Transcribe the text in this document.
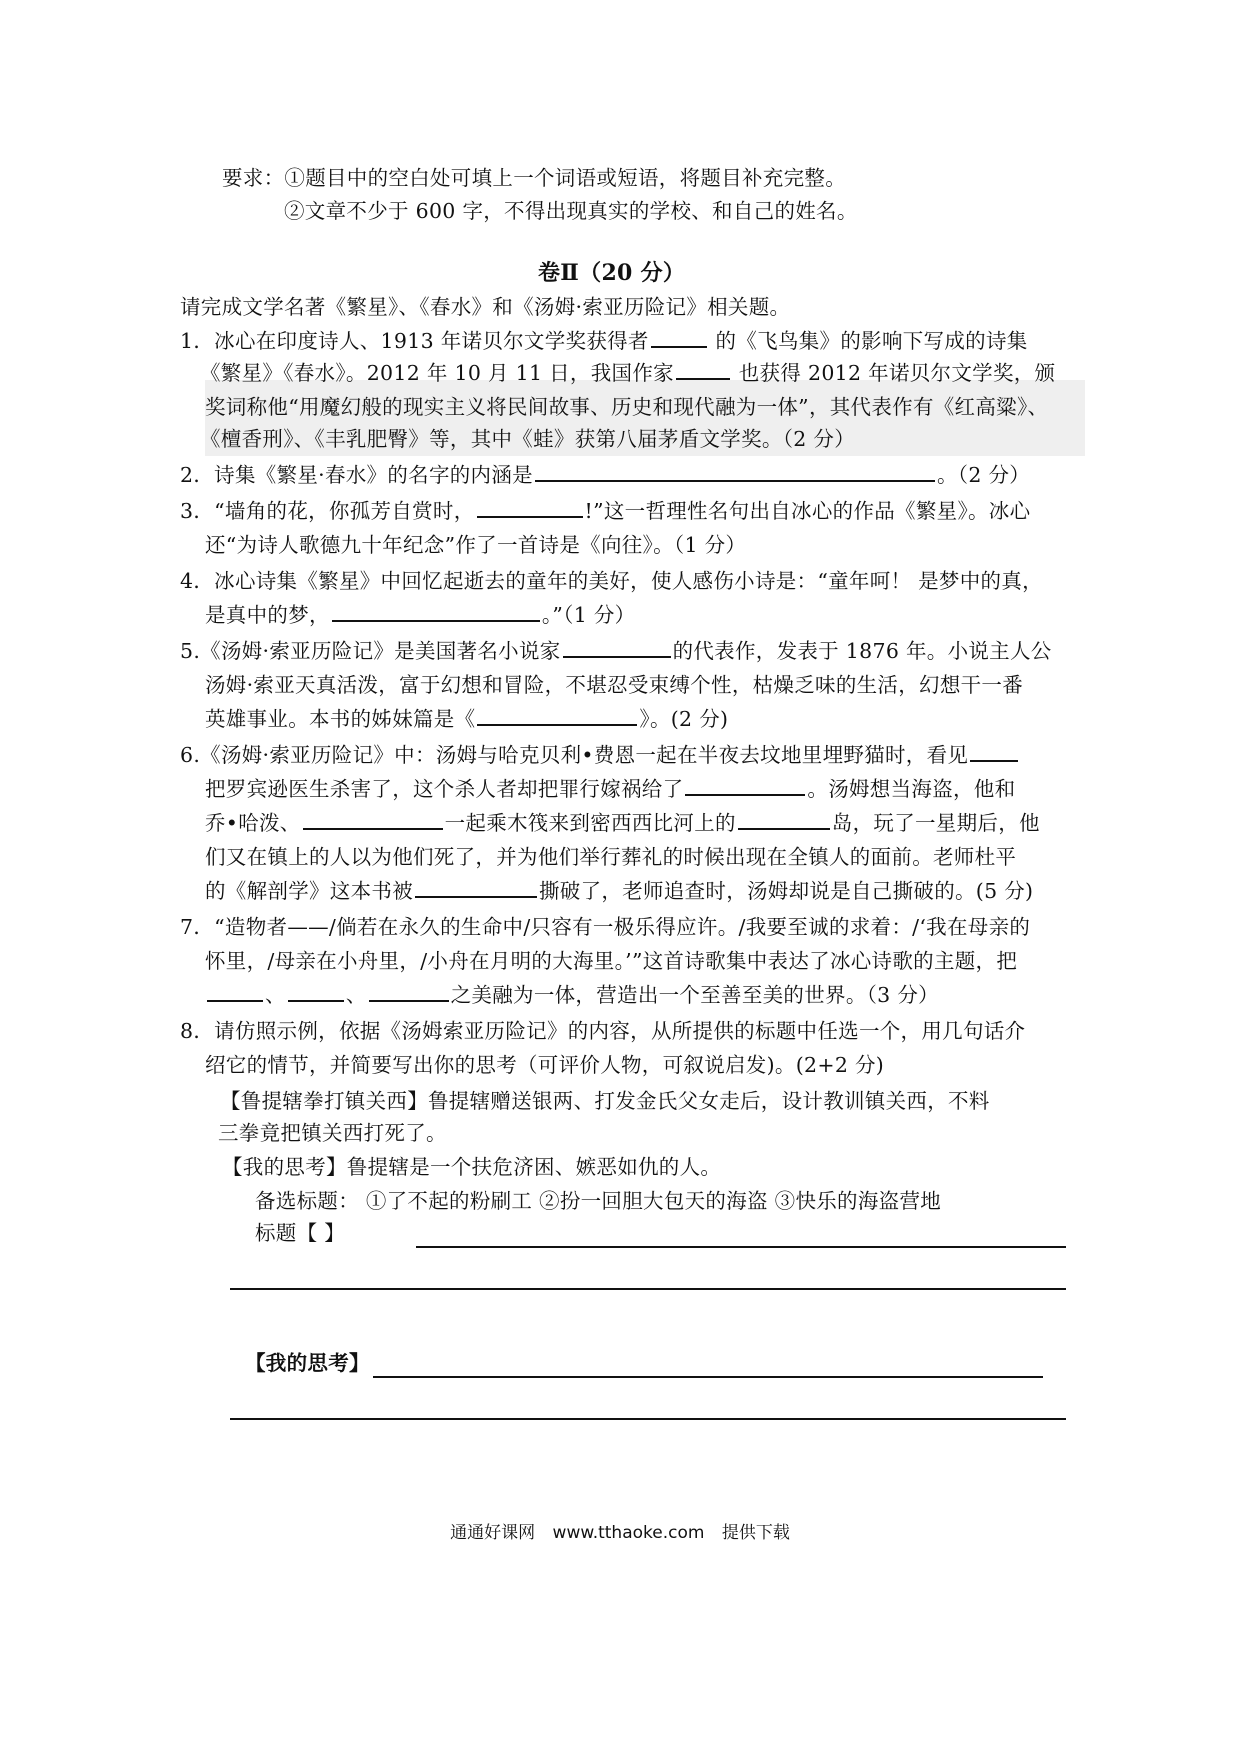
要求：①题目中的空白处可填上一个词语或短语，将题目补充完整。
②文章不少于 600 字，不得出现真实的学校、和自己的姓名。
卷Ⅱ（20 分）
请完成文学名著《繁星》、《春水》和《汤姆·索亚历险记》相关题。
1．冰心在印度诗人、1913 年诺贝尔文学奖获得者	的《飞鸟集》的影响下写成的诗集
《繁星》《春水》。2012 年 10 月 11 日，我国作家	也获得 2012 年诺贝尔文学奖，颁
奖词称他“用魔幻般的现实主义将民间故事、历史和现代融为一体”，其代表作有《红高粱》、
《檀香刑》、《丰乳肥臀》等，其中《蛙》获第八届茅盾文学奖。（2 分）
2．诗集《繁星·春水》的名字的内涵是	。（2 分）
3．“墙角的花，你孤芳自赏时，	!”这一哲理性名句出自冰心的作品《繁星》。冰心
还“为诗人歌德九十年纪念”作了一首诗是《向往》。（1 分）
4．冰心诗集《繁星》中回忆起逝去的童年的美好，使人感伤小诗是：“童年呵！ 是梦中的真，
是真中的梦，	。”（1 分）
5.《汤姆·索亚历险记》是美国著名小说家	的代表作，发表于 1876 年。小说主人公
汤姆·索亚天真活泼，富于幻想和冒险，不堪忍受束缚个性，枯燥乏味的生活，幻想干一番
英雄事业。本书的姊妹篇是《	》。(2 分)
6.《汤姆·索亚历险记》中：汤姆与哈克贝利•费恩一起在半夜去坟地里埋野猫时，看见
把罗宾逊医生杀害了，这个杀人者却把罪行嫁祸给了	。汤姆想当海盗，他和
乔•哈泼、	一起乘木筏来到密西西比河上的	岛，玩了一星期后，他
们又在镇上的人以为他们死了，并为他们举行葬礼的时候出现在全镇人的面前。老师杜平
的《解剖学》这本书被	撕破了，老师追查时，汤姆却说是自己撕破的。(5 分)
7．“造物者——/倘若在永久的生命中/只容有一极乐得应许。/我要至诚的求着：/‘我在母亲的
怀里，/母亲在小舟里，/小舟在月明的大海里。’”这首诗歌集中表达了冰心诗歌的主题，把
、	、	之美融为一体，营造出一个至善至美的世界。（3 分）
8．请仿照示例，依据《汤姆索亚历险记》的内容，从所提供的标题中任选一个，用几句话介
绍它的情节，并简要写出你的思考（可评价人物，可叙说启发)。(2+2 分)
【鲁提辖拳打镇关西】鲁提辖赠送银两、打发金氏父女走后，设计教训镇关西，不料
三拳竟把镇关西打死了。
【我的思考】鲁提辖是一个扶危济困、嫉恶如仇的人。
备选标题： ①了不起的粉刷工 ②扮一回胆大包天的海盗 ③快乐的海盗营地
标题【 】
【我的思考】
通通好课网 www.tthaoke.com 提供下载
